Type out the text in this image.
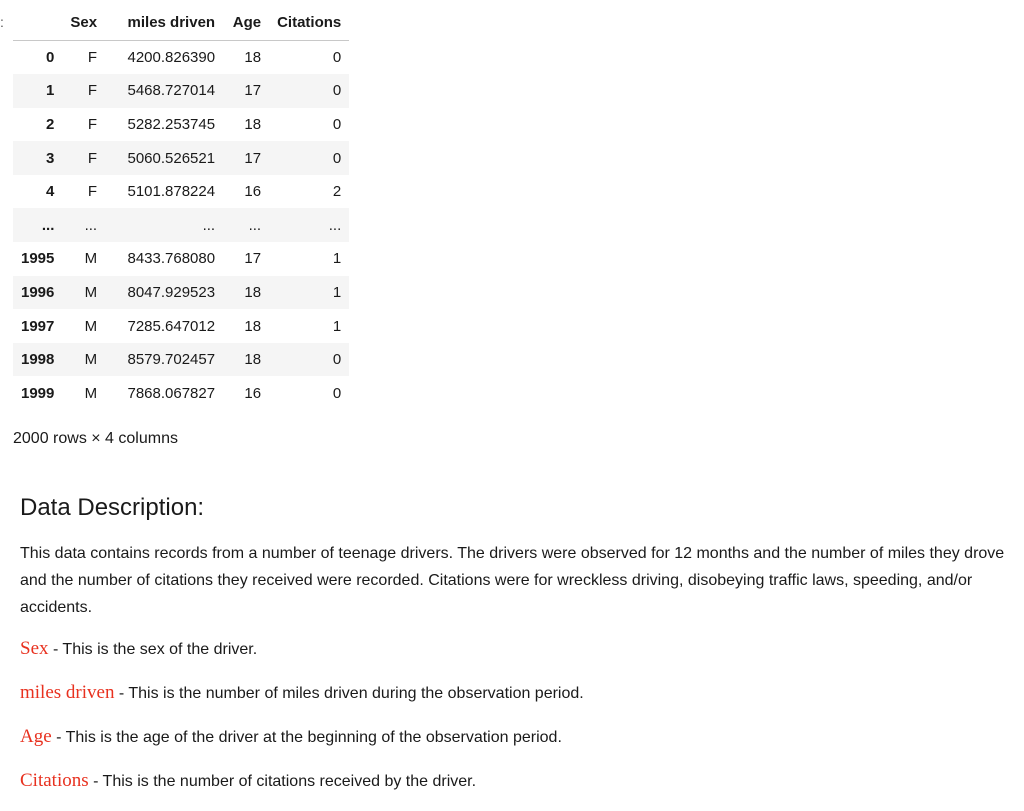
:
		Sex	miles driven	Age	Citations
0	F	4200.826390	18	0
1	F	5468.727014	17	0
2	F	5282.253745	18	0
3	F	5060.526521	17	0
4	F	5101.878224	16	2
...	...	...	...	...
1995	M	8433.768080	17	1
1996	M	8047.929523	18	1
1997	M	7285.647012	18	1
1998	M	8579.702457	18	0
1999	M	7868.067827	16	0
2000 rows × 4 columns
Data Description:

This data contains records from a number of teenage drivers. The drivers were observed for 12 months and the number of miles they drove and the number of citations they received were recorded. Citations were for wreckless driving, disobeying traffic laws, speeding, and/or accidents.

Sex - This is the sex of the driver.

miles driven - This is the number of miles driven during the observation period.

Age - This is the age of the driver at the beginning of the observation period.

Citations - This is the number of citations received by the driver.
